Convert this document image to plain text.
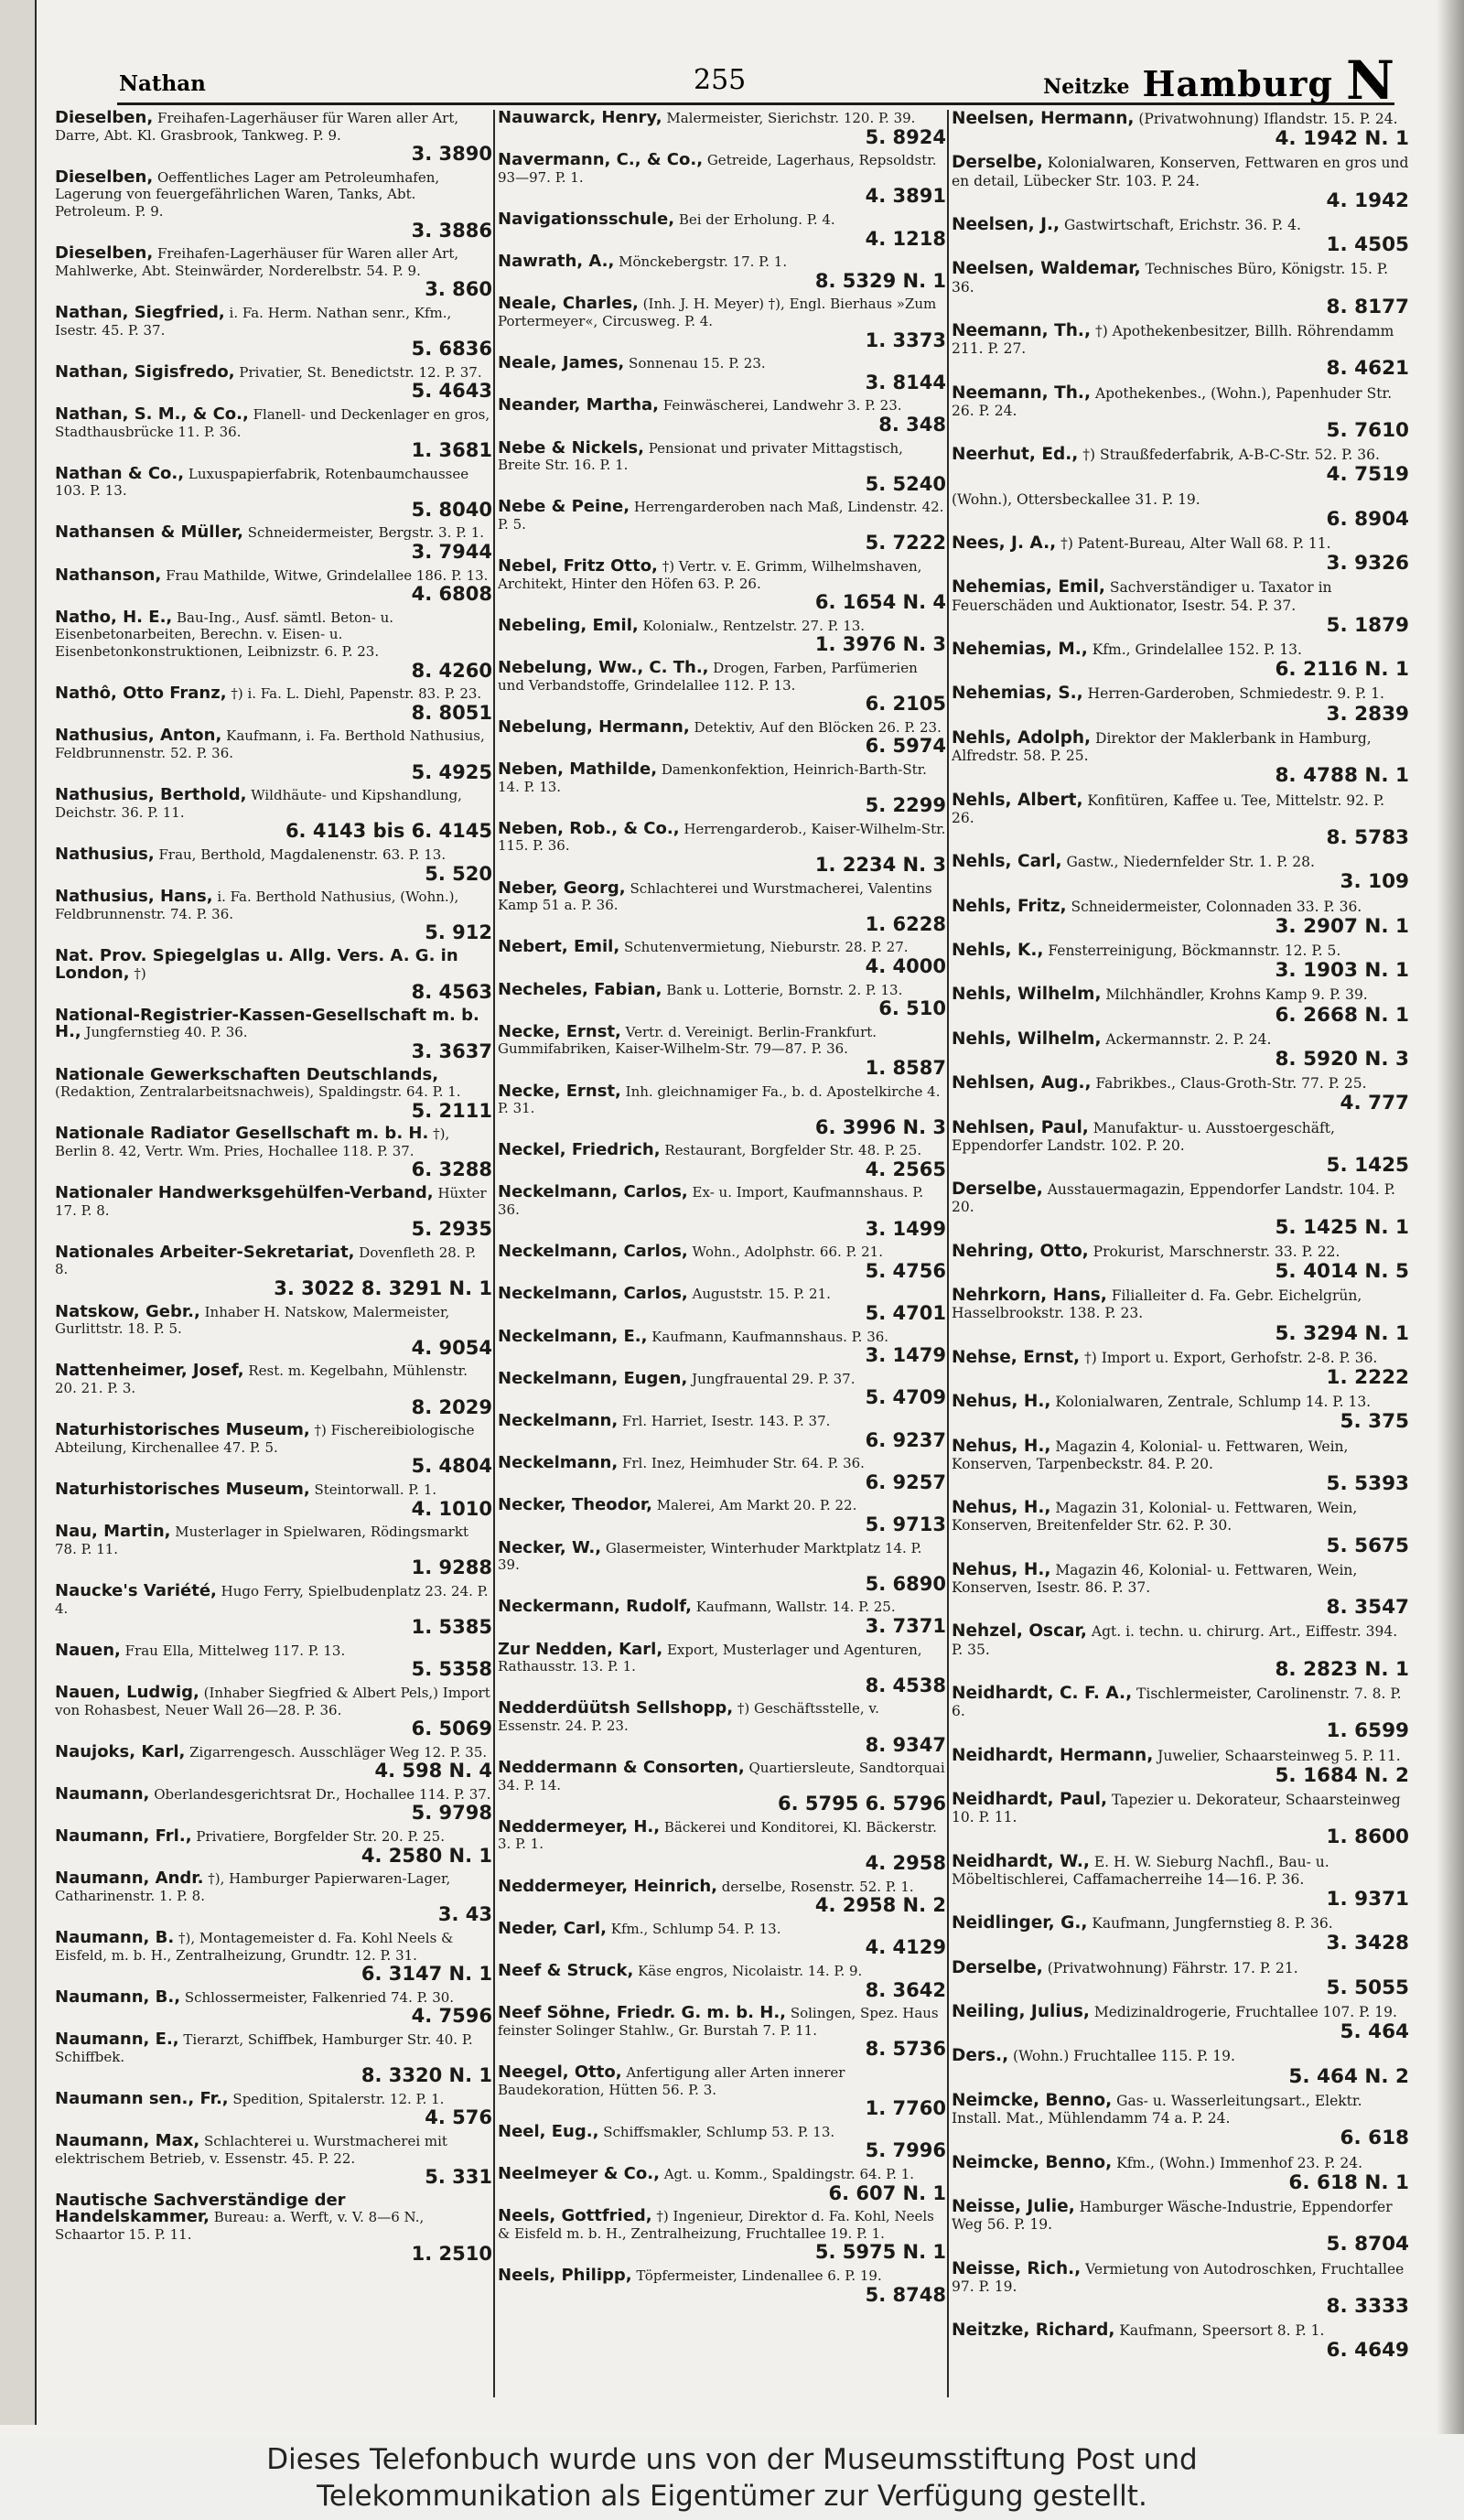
Nathan	255	Neitzke Hamburg N
Dieselben, Freihafen-Lagerhäuser für Waren aller Art, Darre, Abt. Kl. Grasbrook, Tankweg. P. 9.
3. 3890
Dieselben, Oeffentliches Lager am Petroleumhafen, Lagerung von feuergefährlichen Waren, Tanks, Abt. Petroleum. P. 9.
3. 3886
Dieselben, Freihafen-Lagerhäuser für Waren aller Art, Mahlwerke, Abt. Steinwärder, Norderelbstr. 54. P. 9.
3. 860
Nathan, Siegfried, i. Fa. Herm. Nathan senr., Kfm., Isestr. 45. P. 37.
5. 6836
Nathan, Sigisfredo, Privatier, St. Benedictstr. 12. P. 37.
5. 4643
Nathan, S. M., & Co., Flanell- und Deckenlager en gros, Stadthausbrücke 11. P. 36.
1. 3681
Nathan & Co., Luxuspapierfabrik, Rotenbaumchaussee 103. P. 13.
5. 8040
Nathansen & Müller, Schneidermeister, Bergstr. 3. P. 1.
3. 7944
Nathanson, Frau Mathilde, Witwe, Grindelallee 186. P. 13.
4. 6808
Natho, H. E., Bau-Ing., Ausf. sämtl. Beton- u. Eisenbetonarbeiten, Berechn. v. Eisen- u. Eisenbetonkonstruktionen, Leibnizstr. 6. P. 23.
8. 4260
Nathô, Otto Franz, †) i. Fa. L. Diehl, Papenstr. 83. P. 23.
8. 8051
Nathusius, Anton, Kaufmann, i. Fa. Berthold Nathusius, Feldbrunnenstr. 52. P. 36.
5. 4925
Nathusius, Berthold, Wildhäute- und Kipshandlung, Deichstr. 36. P. 11.
6. 4143 bis 6. 4145
Nathusius, Frau, Berthold, Magdalenenstr. 63. P. 13.
5. 520
Nathusius, Hans, i. Fa. Berthold Nathusius, (Wohn.), Feldbrunnenstr. 74. P. 36.
5. 912
Nat. Prov. Spiegelglas u. Allg. Vers. A. G. in London, †)
8. 4563
National-Registrier-Kassen-Gesellschaft m. b. H., Jungfernstieg 40. P. 36.
3. 3637
Nationale Gewerkschaften Deutschlands, (Redaktion, Zentralarbeitsnachweis), Spaldingstr. 64. P. 1.
5. 2111
Nationale Radiator Gesellschaft m. b. H. †), Berlin 8. 42, Vertr. Wm. Pries, Hochallee 118. P. 37.
6. 3288
Nationaler Handwerksgehülfen-Verband, Hüxter 17. P. 8.
5. 2935
Nationales Arbeiter-Sekretariat, Dovenfleth 28. P. 8.
3. 3022 8. 3291 N. 1
Natskow, Gebr., Inhaber H. Natskow, Malermeister, Gurlittstr. 18. P. 5.
4. 9054
Nattenheimer, Josef, Rest. m. Kegelbahn, Mühlenstr. 20. 21. P. 3.
8. 2029
Naturhistorisches Museum, †) Fischereibiologische Abteilung, Kirchenallee 47. P. 5.
5. 4804
Naturhistorisches Museum, Steintorwall. P. 1.
4. 1010
Nau, Martin, Musterlager in Spielwaren, Rödingsmarkt 78. P. 11.
1. 9288
Naucke's Variété, Hugo Ferry, Spielbudenplatz 23. 24. P. 4.
1. 5385
Nauen, Frau Ella, Mittelweg 117. P. 13.
5. 5358
Nauen, Ludwig, (Inhaber Siegfried & Albert Pels,) Import von Rohasbest, Neuer Wall 26—28. P. 36.
6. 5069
Naujoks, Karl, Zigarrengesch. Ausschläger Weg 12. P. 35.
4. 598 N. 4
Naumann, Oberlandesgerichtsrat Dr., Hochallee 114. P. 37.
5. 9798
Naumann, Frl., Privatiere, Borgfelder Str. 20. P. 25.
4. 2580 N. 1
Naumann, Andr. †), Hamburger Papierwaren-Lager, Catharinenstr. 1. P. 8.
3. 43
Naumann, B. †), Montagemeister d. Fa. Kohl Neels & Eisfeld, m. b. H., Zentralheizung, Grundtr. 12. P. 31.
6. 3147 N. 1
Naumann, B., Schlossermeister, Falkenried 74. P. 30.
4. 7596
Naumann, E., Tierarzt, Schiffbek, Hamburger Str. 40. P. Schiffbek.
8. 3320 N. 1
Naumann sen., Fr., Spedition, Spitalerstr. 12. P. 1.
4. 576
Naumann, Max, Schlachterei u. Wurstmacherei mit elektrischem Betrieb, v. Essenstr. 45. P. 22.
5. 331
Nautische Sachverständige der Handelskammer, Bureau: a. Werft, v. V. 8—6 N., Schaartor 15. P. 11.
1. 2510
Nauwarck, Henry, Malermeister, Sierichstr. 120. P. 39.
5. 8924
Navermann, C., & Co., Getreide, Lagerhaus, Repsoldstr. 93—97. P. 1.
4. 3891
Navigationsschule, Bei der Erholung. P. 4.
4. 1218
Nawrath, A., Mönckebergstr. 17. P. 1.
8. 5329 N. 1
Neale, Charles, (Inh. J. H. Meyer) †), Engl. Bierhaus »Zum Portermeyer«, Circusweg. P. 4.
1. 3373
Neale, James, Sonnenau 15. P. 23.
3. 8144
Neander, Martha, Feinwäscherei, Landwehr 3. P. 23.
8. 348
Nebe & Nickels, Pensionat und privater Mittagstisch, Breite Str. 16. P. 1.
5. 5240
Nebe & Peine, Herrengarderoben nach Maß, Lindenstr. 42. P. 5.
5. 7222
Nebel, Fritz Otto, †) Vertr. v. E. Grimm, Wilhelmshaven, Architekt, Hinter den Höfen 63. P. 26.
6. 1654 N. 4
Nebeling, Emil, Kolonialw., Rentzelstr. 27. P. 13.
1. 3976 N. 3
Nebelung, Ww., C. Th., Drogen, Farben, Parfümerien und Verbandstoffe, Grindelallee 112. P. 13.
6. 2105
Nebelung, Hermann, Detektiv, Auf den Blöcken 26. P. 23.
6. 5974
Neben, Mathilde, Damenkonfektion, Heinrich-Barth-Str. 14. P. 13.
5. 2299
Neben, Rob., & Co., Herrengarderob., Kaiser-Wilhelm-Str. 115. P. 36.
1. 2234 N. 3
Neber, Georg, Schlachterei und Wurstmacherei, Valentins Kamp 51 a. P. 36.
1. 6228
Nebert, Emil, Schutenvermietung, Nieburstr. 28. P. 27.
4. 4000
Necheles, Fabian, Bank u. Lotterie, Bornstr. 2. P. 13.
6. 510
Necke, Ernst, Vertr. d. Vereinigt. Berlin-Frankfurt. Gummifabriken, Kaiser-Wilhelm-Str. 79—87. P. 36.
1. 8587
Necke, Ernst, Inh. gleichnamiger Fa., b. d. Apostelkirche 4. P. 31.
6. 3996 N. 3
Neckel, Friedrich, Restaurant, Borgfelder Str. 48. P. 25.
4. 2565
Neckelmann, Carlos, Ex- u. Import, Kaufmannshaus. P. 36.
3. 1499
Neckelmann, Carlos, Wohn., Adolphstr. 66. P. 21.
5. 4756
Neckelmann, Carlos, Auguststr. 15. P. 21.
5. 4701
Neckelmann, E., Kaufmann, Kaufmannshaus. P. 36.
3. 1479
Neckelmann, Eugen, Jungfrauental 29. P. 37.
5. 4709
Neckelmann, Frl. Harriet, Isestr. 143. P. 37.
6. 9237
Neckelmann, Frl. Inez, Heimhuder Str. 64. P. 36.
6. 9257
Necker, Theodor, Malerei, Am Markt 20. P. 22.
5. 9713
Necker, W., Glasermeister, Winterhuder Marktplatz 14. P. 39.
5. 6890
Neckermann, Rudolf, Kaufmann, Wallstr. 14. P. 25.
3. 7371
Zur Nedden, Karl, Export, Musterlager und Agenturen, Rathausstr. 13. P. 1.
8. 4538
Nedderdüütsh Sellshopp, †) Geschäftsstelle, v. Essenstr. 24. P. 23.
8. 9347
Neddermann & Consorten, Quartiersleute, Sandtorquai 34. P. 14.
6. 5795 6. 5796
Neddermeyer, H., Bäckerei und Konditorei, Kl. Bäckerstr. 3. P. 1.
4. 2958
Neddermeyer, Heinrich, derselbe, Rosenstr. 52. P. 1.
4. 2958 N. 2
Neder, Carl, Kfm., Schlump 54. P. 13.
4. 4129
Neef & Struck, Käse engros, Nicolaistr. 14. P. 9.
8. 3642
Neef Söhne, Friedr. G. m. b. H., Solingen, Spez. Haus feinster Solinger Stahlw., Gr. Burstah 7. P. 11.
8. 5736
Neegel, Otto, Anfertigung aller Arten innerer Baudekoration, Hütten 56. P. 3.
1. 7760
Neel, Eug., Schiffsmakler, Schlump 53. P. 13.
5. 7996
Neelmeyer & Co., Agt. u. Komm., Spaldingstr. 64. P. 1.
6. 607 N. 1
Neels, Gottfried, †) Ingenieur, Direktor d. Fa. Kohl, Neels & Eisfeld m. b. H., Zentralheizung, Fruchtallee 19. P. 1.
5. 5975 N. 1
Neels, Philipp, Töpfermeister, Lindenallee 6. P. 19.
5. 8748
Neelsen, Hermann, (Privatwohnung) Iflandstr. 15. P. 24.
4. 1942 N. 1
Derselbe, Kolonialwaren, Konserven, Fettwaren en gros und en detail, Lübecker Str. 103. P. 24.
4. 1942
Neelsen, J., Gastwirtschaft, Erichstr. 36. P. 4.
1. 4505
Neelsen, Waldemar, Technisches Büro, Königstr. 15. P. 36.
8. 8177
Neemann, Th., †) Apothekenbesitzer, Billh. Röhrendamm 211. P. 27.
8. 4621
Neemann, Th., Apothekenbes., (Wohn.), Papenhuder Str. 26. P. 24.
5. 7610
Neerhut, Ed., †) Straußfederfabrik, A-B-C-Str. 52. P. 36.
4. 7519
(Wohn.), Ottersbeckallee 31. P. 19.
6. 8904
Nees, J. A., †) Patent-Bureau, Alter Wall 68. P. 11.
3. 9326
Nehemias, Emil, Sachverständiger u. Taxator in Feuerschäden und Auktionator, Isestr. 54. P. 37.
5. 1879
Nehemias, M., Kfm., Grindelallee 152. P. 13.
6. 2116 N. 1
Nehemias, S., Herren-Garderoben, Schmiedestr. 9. P. 1.
3. 2839
Nehls, Adolph, Direktor der Maklerbank in Hamburg, Alfredstr. 58. P. 25.
8. 4788 N. 1
Nehls, Albert, Konfitüren, Kaffee u. Tee, Mittelstr. 92. P. 26.
8. 5783
Nehls, Carl, Gastw., Niedernfelder Str. 1. P. 28.
3. 109
Nehls, Fritz, Schneidermeister, Colonnaden 33. P. 36.
3. 2907 N. 1
Nehls, K., Fensterreinigung, Böckmannstr. 12. P. 5.
3. 1903 N. 1
Nehls, Wilhelm, Milchhändler, Krohns Kamp 9. P. 39.
6. 2668 N. 1
Nehls, Wilhelm, Ackermannstr. 2. P. 24.
8. 5920 N. 3
Nehlsen, Aug., Fabrikbes., Claus-Groth-Str. 77. P. 25.
4. 777
Nehlsen, Paul, Manufaktur- u. Ausstoergeschäft, Eppendorfer Landstr. 102. P. 20.
5. 1425
Derselbe, Ausstauermagazin, Eppendorfer Landstr. 104. P. 20.
5. 1425 N. 1
Nehring, Otto, Prokurist, Marschnerstr. 33. P. 22.
5. 4014 N. 5
Nehrkorn, Hans, Filialleiter d. Fa. Gebr. Eichelgrün, Hasselbrookstr. 138. P. 23.
5. 3294 N. 1
Nehse, Ernst, †) Import u. Export, Gerhofstr. 2-8. P. 36.
1. 2222
Nehus, H., Kolonialwaren, Zentrale, Schlump 14. P. 13.
5. 375
Nehus, H., Magazin 4, Kolonial- u. Fettwaren, Wein, Konserven, Tarpenbeckstr. 84. P. 20.
5. 5393
Nehus, H., Magazin 31, Kolonial- u. Fettwaren, Wein, Konserven, Breitenfelder Str. 62. P. 30.
5. 5675
Nehus, H., Magazin 46, Kolonial- u. Fettwaren, Wein, Konserven, Isestr. 86. P. 37.
8. 3547
Nehzel, Oscar, Agt. i. techn. u. chirurg. Art., Eiffestr. 394. P. 35.
8. 2823 N. 1
Neidhardt, C. F. A., Tischlermeister, Carolinenstr. 7. 8. P. 6.
1. 6599
Neidhardt, Hermann, Juwelier, Schaarsteinweg 5. P. 11.
5. 1684 N. 2
Neidhardt, Paul, Tapezier u. Dekorateur, Schaarsteinweg 10. P. 11.
1. 8600
Neidhardt, W., E. H. W. Sieburg Nachfl., Bau- u. Möbeltischlerei, Caffamacherreihe 14—16. P. 36.
1. 9371
Neidlinger, G., Kaufmann, Jungfernstieg 8. P. 36.
3. 3428
Derselbe, (Privatwohnung) Fährstr. 17. P. 21.
5. 5055
Neiling, Julius, Medizinaldrogerie, Fruchtallee 107. P. 19.
5. 464
Ders., (Wohn.) Fruchtallee 115. P. 19.
5. 464 N. 2
Neimcke, Benno, Gas- u. Wasserleitungsart., Elektr. Install. Mat., Mühlendamm 74 a. P. 24.
6. 618
Neimcke, Benno, Kfm., (Wohn.) Immenhof 23. P. 24.
6. 618 N. 1
Neisse, Julie, Hamburger Wäsche-Industrie, Eppendorfer Weg 56. P. 19.
5. 8704
Neisse, Rich., Vermietung von Autodroschken, Fruchtallee 97. P. 19.
8. 3333
Neitzke, Richard, Kaufmann, Speersort 8. P. 1.
6. 4649
Dieses Telefonbuch wurde uns von der Museumsstiftung Post und
Telekommunikation als Eigentümer zur Verfügung gestellt.
